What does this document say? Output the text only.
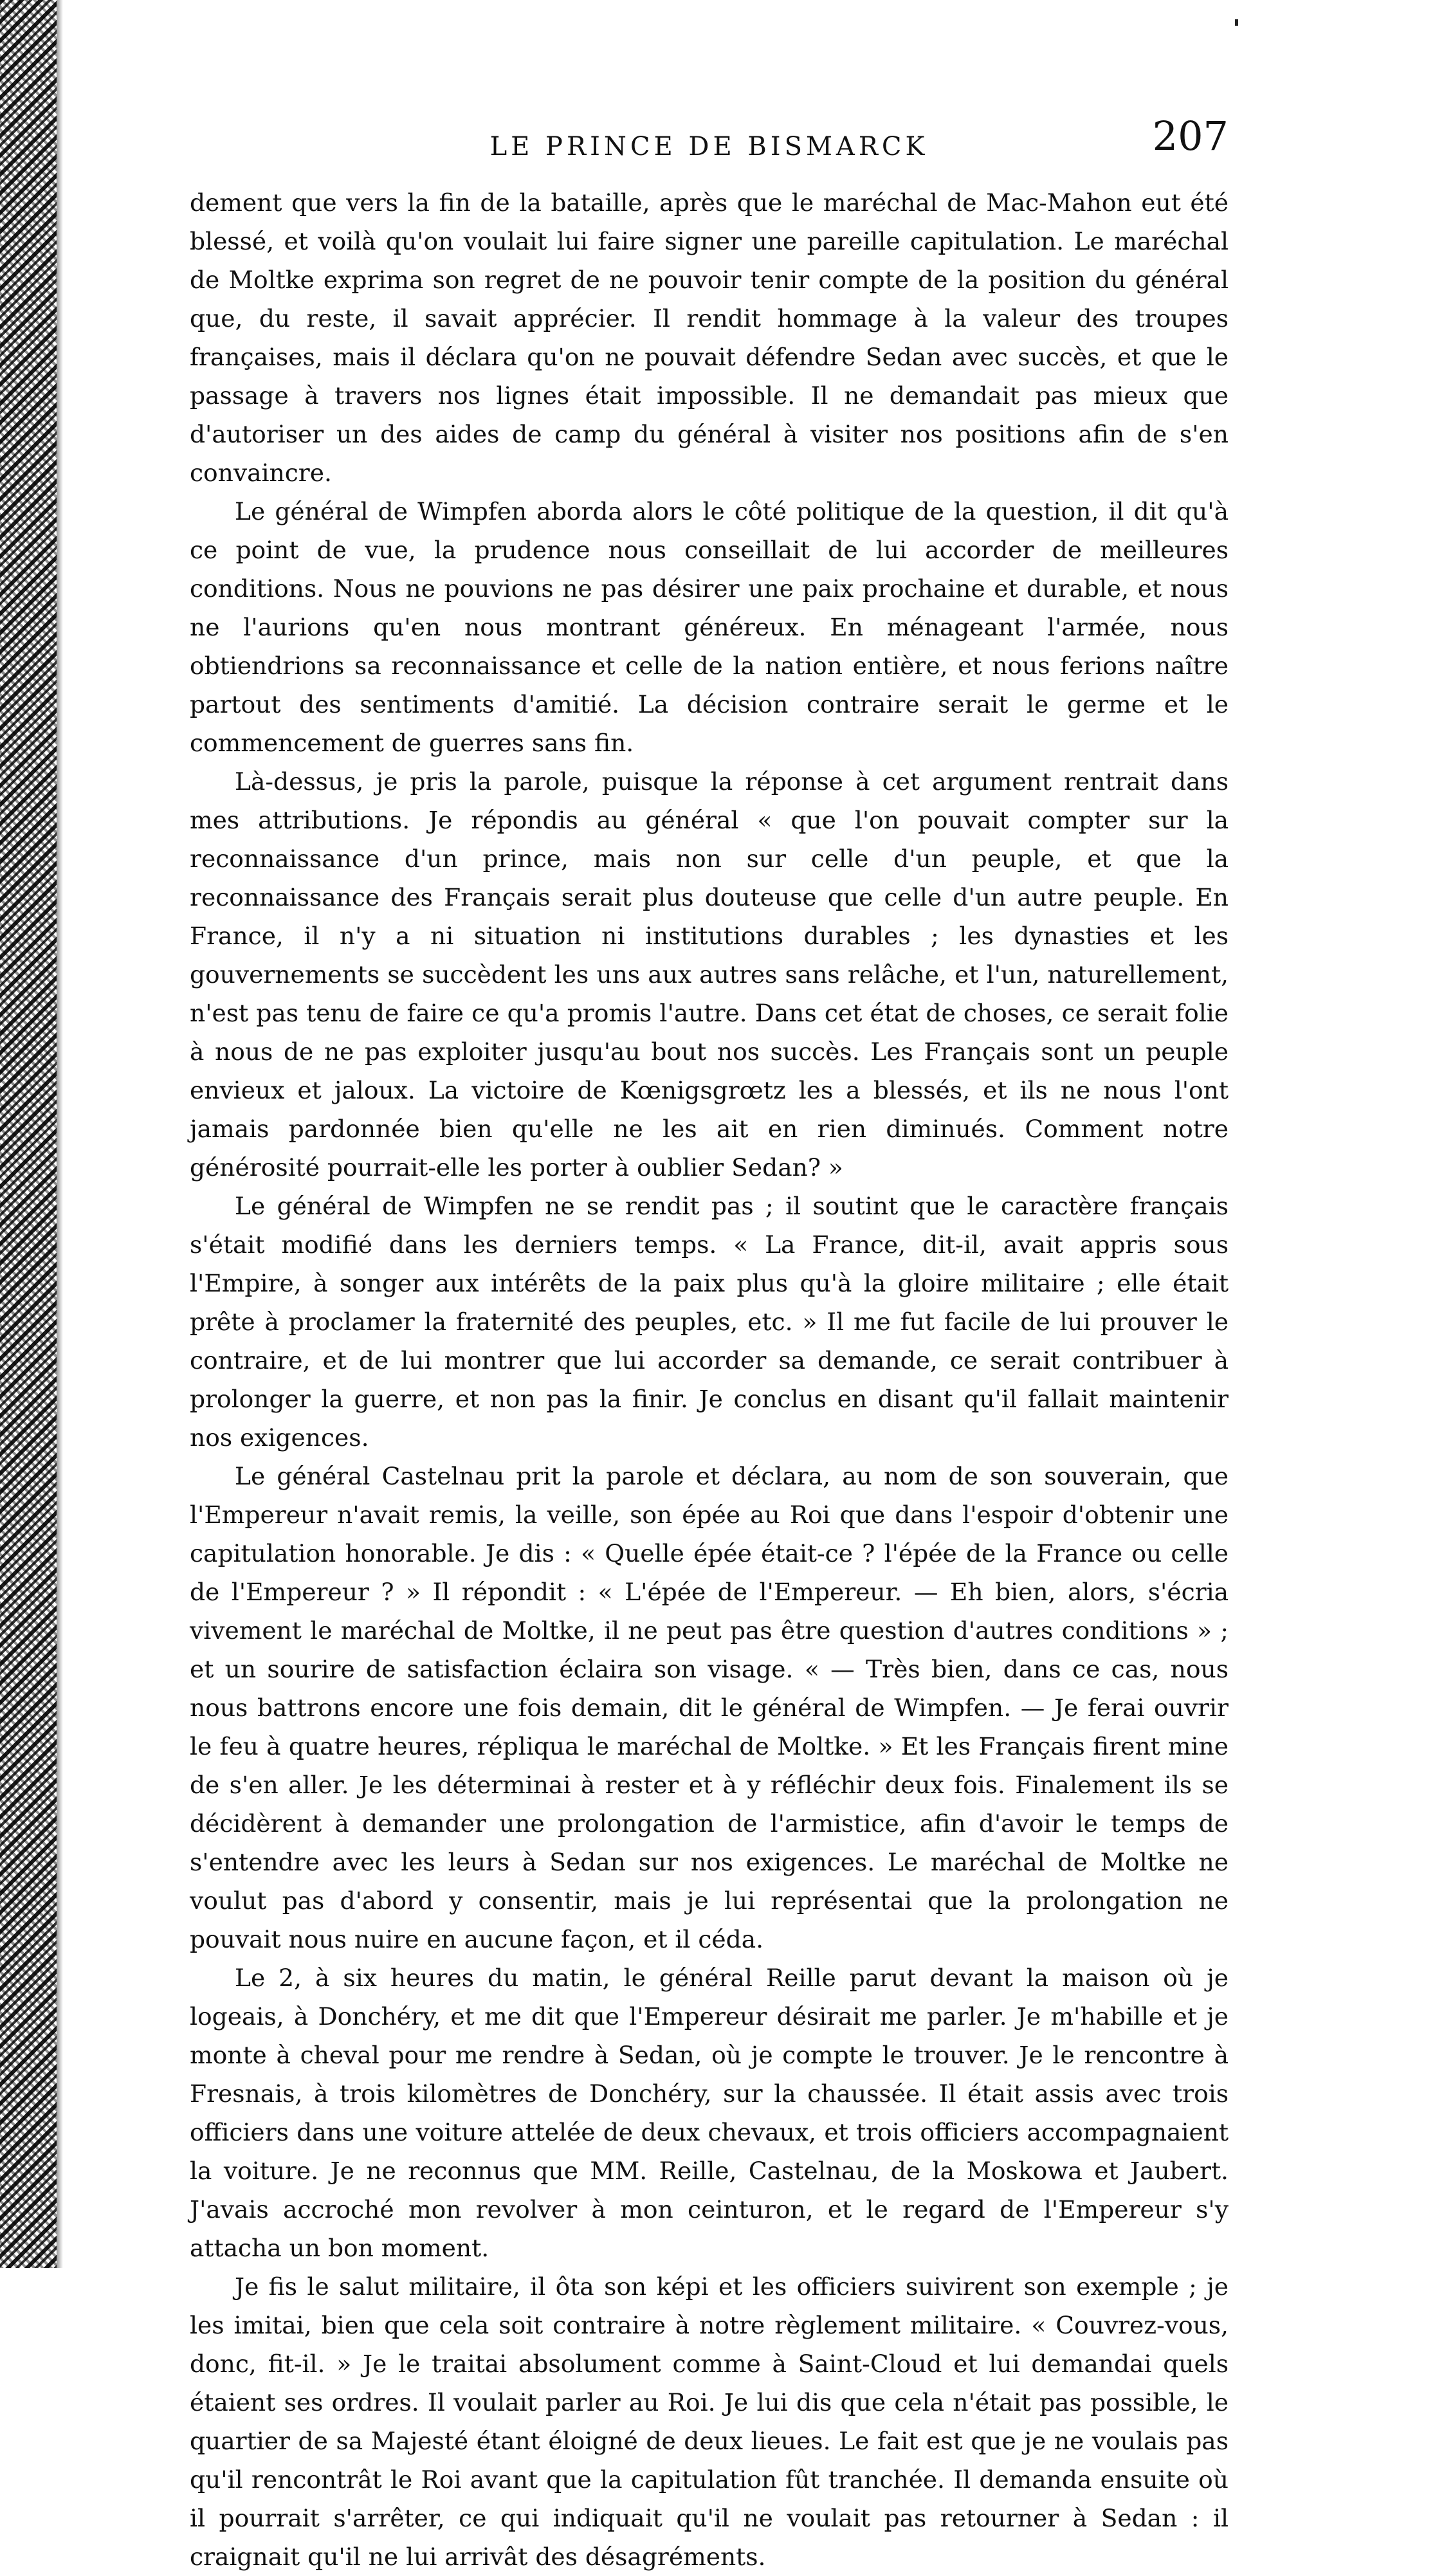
LE PRINCE DE BISMARCK	207

dement que vers la fin de la bataille, après que le maréchal de Mac-Mahon eut été blessé, et voilà qu'on voulait lui faire signer une pareille capitulation. Le maréchal de Moltke exprima son regret de ne pouvoir tenir compte de la position du général que, du reste, il savait apprécier. Il rendit hommage à la valeur des troupes françaises, mais il déclara qu'on ne pouvait défendre Sedan avec succès, et que le passage à travers nos lignes était impossible. Il ne demandait pas mieux que d'autoriser un des aides de camp du général à visiter nos positions afin de s'en convaincre.

Le général de Wimpfen aborda alors le côté politique de la question, il dit qu'à ce point de vue, la prudence nous conseillait de lui accorder de meilleures conditions. Nous ne pouvions ne pas désirer une paix prochaine et durable, et nous ne l'aurions qu'en nous montrant généreux. En ménageant l'armée, nous obtiendrions sa reconnaissance et celle de la nation entière, et nous ferions naître partout des sentiments d'amitié. La décision contraire serait le germe et le commencement de guerres sans fin.

Là-dessus, je pris la parole, puisque la réponse à cet argument rentrait dans mes attributions. Je répondis au général « que l'on pouvait compter sur la reconnaissance d'un prince, mais non sur celle d'un peuple, et que la reconnaissance des Français serait plus douteuse que celle d'un autre peuple. En France, il n'y a ni situation ni institutions durables ; les dynasties et les gouvernements se succèdent les uns aux autres sans relâche, et l'un, naturellement, n'est pas tenu de faire ce qu'a promis l'autre. Dans cet état de choses, ce serait folie à nous de ne pas exploiter jusqu'au bout nos succès. Les Français sont un peuple envieux et jaloux. La victoire de Kœnigsgrœtz les a blessés, et ils ne nous l'ont jamais pardonnée bien qu'elle ne les ait en rien diminués. Comment notre générosité pourrait-elle les porter à oublier Sedan? »

Le général de Wimpfen ne se rendit pas ; il soutint que le caractère français s'était modifié dans les derniers temps. « La France, dit-il, avait appris sous l'Empire, à songer aux intérêts de la paix plus qu'à la gloire militaire ; elle était prête à proclamer la fraternité des peuples, etc. » Il me fut facile de lui prouver le contraire, et de lui montrer que lui accorder sa demande, ce serait contribuer à prolonger la guerre, et non pas la finir. Je conclus en disant qu'il fallait maintenir nos exigences.

Le général Castelnau prit la parole et déclara, au nom de son souverain, que l'Empereur n'avait remis, la veille, son épée au Roi que dans l'espoir d'obtenir une capitulation honorable. Je dis : « Quelle épée était-ce ? l'épée de la France ou celle de l'Empereur ? » Il répondit : « L'épée de l'Empereur. — Eh bien, alors, s'écria vivement le maréchal de Moltke, il ne peut pas être question d'autres conditions » ; et un sourire de satisfaction éclaira son visage. « — Très bien, dans ce cas, nous nous battrons encore une fois demain, dit le général de Wimpfen. — Je ferai ouvrir le feu à quatre heures, répliqua le maréchal de Moltke. » Et les Français firent mine de s'en aller. Je les déterminai à rester et à y réfléchir deux fois. Finalement ils se décidèrent à demander une prolongation de l'armistice, afin d'avoir le temps de s'entendre avec les leurs à Sedan sur nos exigences. Le maréchal de Moltke ne voulut pas d'abord y consentir, mais je lui représentai que la prolongation ne pouvait nous nuire en aucune façon, et il céda.

Le 2, à six heures du matin, le général Reille parut devant la maison où je logeais, à Donchéry, et me dit que l'Empereur désirait me parler. Je m'habille et je monte à cheval pour me rendre à Sedan, où je compte le trouver. Je le rencontre à Fresnais, à trois kilomètres de Donchéry, sur la chaussée. Il était assis avec trois officiers dans une voiture attelée de deux chevaux, et trois officiers accompagnaient la voiture. Je ne reconnus que MM. Reille, Castelnau, de la Moskowa et Jaubert. J'avais accroché mon revolver à mon ceinturon, et le regard de l'Empereur s'y attacha un bon moment.

Je fis le salut militaire, il ôta son képi et les officiers suivirent son exemple ; je les imitai, bien que cela soit contraire à notre règlement militaire. « Couvrez-vous, donc, fit-il. » Je le traitai absolument comme à Saint-Cloud et lui demandai quels étaient ses ordres. Il voulait parler au Roi. Je lui dis que cela n'était pas possible, le quartier de sa Majesté étant éloigné de deux lieues. Le fait est que je ne voulais pas qu'il rencontrât le Roi avant que la capitulation fût tranchée. Il demanda ensuite où il pourrait s'arrêter, ce qui indiquait qu'il ne voulait pas retourner à Sedan : il craignait qu'il ne lui arrivât des désagréments.
